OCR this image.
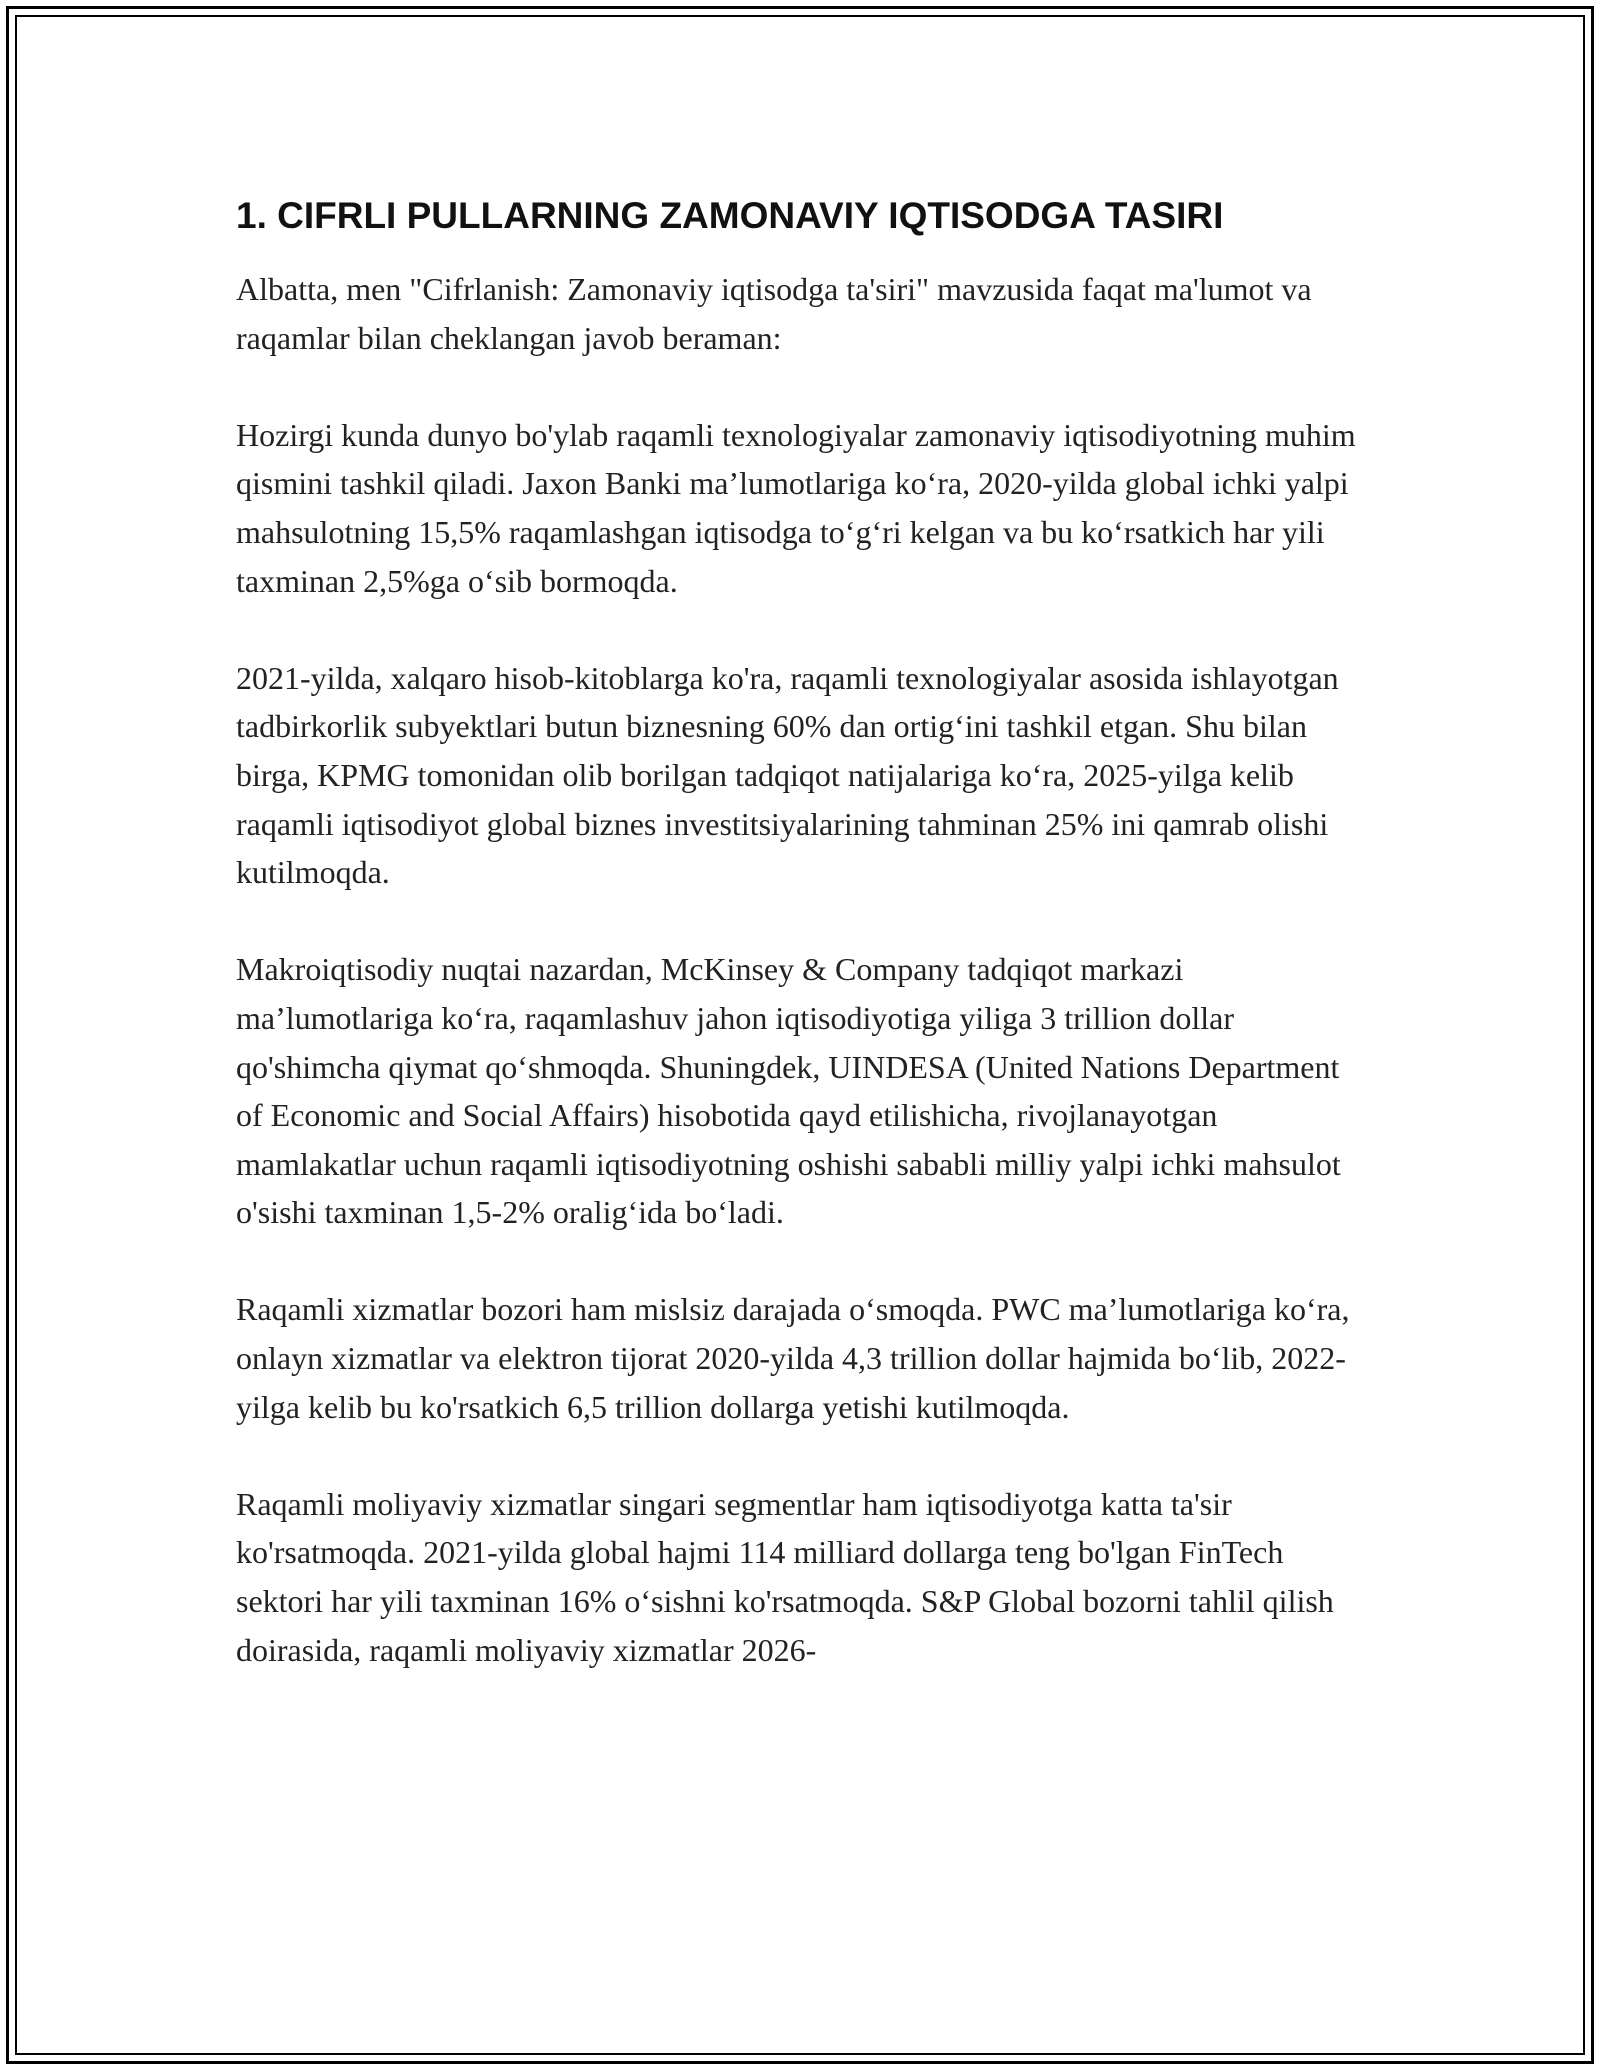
1. CIFRLI PULLARNING ZAMONAVIY IQTISODGA TASIRI

Albatta, men "Cifrlanish: Zamonaviy iqtisodga ta'siri" mavzusida faqat ma'lumot va raqamlar bilan cheklangan javob beraman:

Hozirgi kunda dunyo bo'ylab raqamli texnologiyalar zamonaviy iqtisodiyotning muhim qismini tashkil qiladi. Jaxon Banki ma’lumotlariga ko‘ra, 2020-yilda global ichki yalpi mahsulotning 15,5% raqamlashgan iqtisodga to‘g‘ri kelgan va bu ko‘rsatkich har yili taxminan 2,5%ga o‘sib bormoqda.

2021-yilda, xalqaro hisob-kitoblarga ko'ra, raqamli texnologiyalar asosida ishlayotgan tadbirkorlik subyektlari butun biznesning 60% dan ortig‘ini tashkil etgan. Shu bilan birga, KPMG tomonidan olib borilgan tadqiqot natijalariga ko‘ra, 2025-yilga kelib raqamli iqtisodiyot global biznes investitsiyalarining tahminan 25% ini qamrab olishi kutilmoqda.

Makroiqtisodiy nuqtai nazardan, McKinsey & Company tadqiqot markazi ma’lumotlariga ko‘ra, raqamlashuv jahon iqtisodiyotiga yiliga 3 trillion dollar qo'shimcha qiymat qo‘shmoqda. Shuningdek, UINDESA (United Nations Department of Economic and Social Affairs) hisobotida qayd etilishicha, rivojlanayotgan mamlakatlar uchun raqamli iqtisodiyotning oshishi sababli milliy yalpi ichki mahsulot o'sishi taxminan 1,5-2% oralig‘ida bo‘ladi.

Raqamli xizmatlar bozori ham mislsiz darajada o‘smoqda. PWC ma’lumotlariga ko‘ra, onlayn xizmatlar va elektron tijorat 2020-yilda 4,3 trillion dollar hajmida bo‘lib, 2022-yilga kelib bu ko'rsatkich 6,5 trillion dollarga yetishi kutilmoqda.

Raqamli moliyaviy xizmatlar singari segmentlar ham iqtisodiyotga katta ta'sir ko'rsatmoqda. 2021-yilda global hajmi 114 milliard dollarga teng bo'lgan FinTech sektori har yili taxminan 16% o‘sishni ko'rsatmoqda. S&P Global bozorni tahlil qilish doirasida, raqamli moliyaviy xizmatlar 2026-
